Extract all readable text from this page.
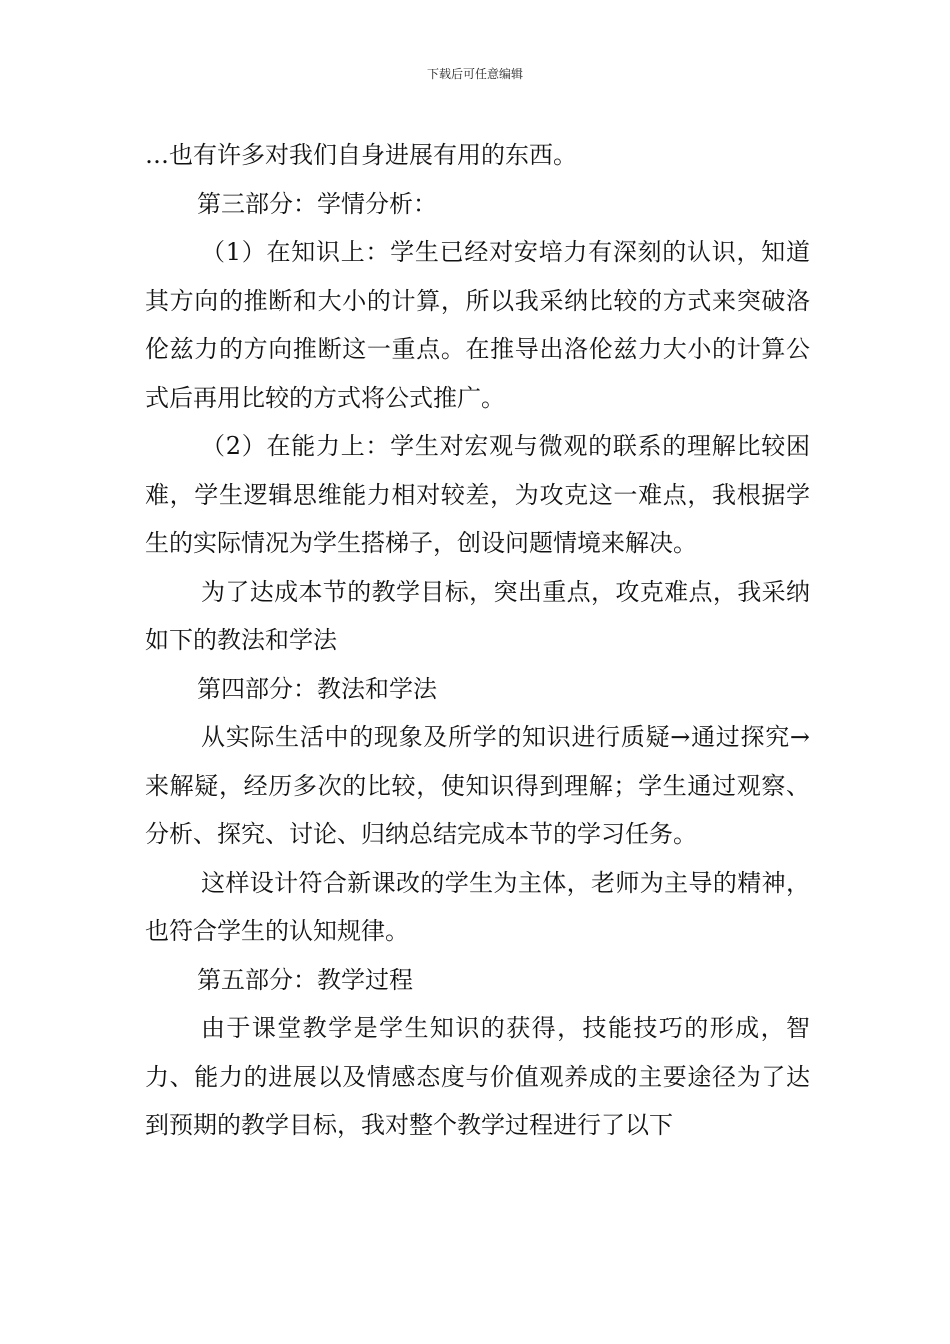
下载后可任意编辑

…也有许多对我们自身进展有用的东西。

第三部分：学情分析：

（1）在知识上：学生已经对安培力有深刻的认识，知道其方向的推断和大小的计算，所以我采纳比较的方式来突破洛伦兹力的方向推断这一重点。在推导出洛伦兹力大小的计算公式后再用比较的方式将公式推广。

（2）在能力上：学生对宏观与微观的联系的理解比较困难，学生逻辑思维能力相对较差，为攻克这一难点，我根据学生的实际情况为学生搭梯子，创设问题情境来解决。

为了达成本节的教学目标，突出重点，攻克难点，我采纳如下的教法和学法

第四部分：教法和学法

从实际生活中的现象及所学的知识进行质疑→通过探究→来解疑，经历多次的比较，使知识得到理解；学生通过观察、分析、探究、讨论、归纳总结完成本节的学习任务。

这样设计符合新课改的学生为主体，老师为主导的精神，也符合学生的认知规律。

第五部分：教学过程

由于课堂教学是学生知识的获得，技能技巧的形成，智力、能力的进展以及情感态度与价值观养成的主要途径为了达到预期的教学目标，我对整个教学过程进行了以下
